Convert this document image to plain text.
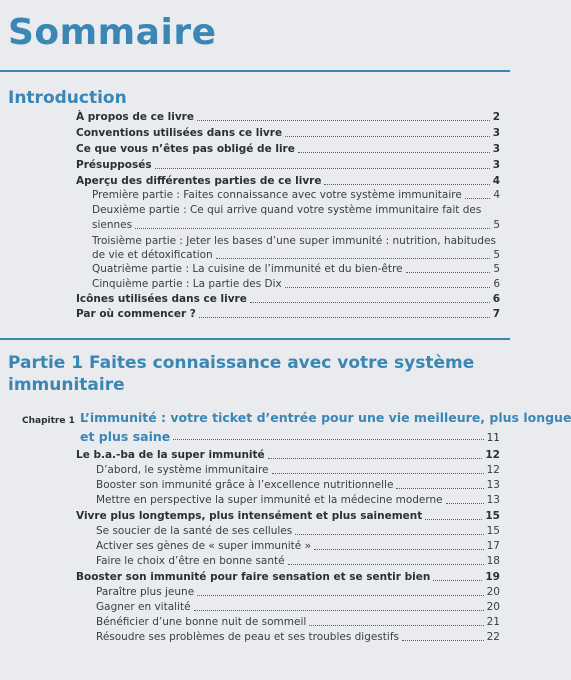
Sommaire
Introduction
À propos de ce livre	2
Conventions utilisées dans ce livre	3
Ce que vous n’êtes pas obligé de lire	3
Présupposés	3
Aperçu des différentes parties de ce livre	4
Première partie : Faites connaissance avec votre système immunitaire	4
Deuxième partie : Ce qui arrive quand votre système immunitaire fait des
siennes	5
Troisième partie : Jeter les bases d’une super immunité : nutrition, habitudes
de vie et détoxification	5
Quatrième partie : La cuisine de l’immunité et du bien-être	5
Cinquième partie : La partie des Dix	6
Icônes utilisées dans ce livre	6
Par où commencer ?	7
Partie 1 Faites connaissance avec votre système
immunitaire
Chapitre 1 L’immunité : votre ticket d’entrée pour une vie meilleure, plus longue
et plus saine	11
Le b.a.-ba de la super immunité	12
D’abord, le système immunitaire	12
Booster son immunité grâce à l’excellence nutritionnelle	13
Mettre en perspective la super immunité et la médecine moderne	13
Vivre plus longtemps, plus intensément et plus sainement	15
Se soucier de la santé de ses cellules	15
Activer ses gènes de « super immunité »	17
Faire le choix d’être en bonne santé	18
Booster son immunité pour faire sensation et se sentir bien	19
Paraître plus jeune	20
Gagner en vitalité	20
Bénéficier d’une bonne nuit de sommeil	21
Résoudre ses problèmes de peau et ses troubles digestifs	22
